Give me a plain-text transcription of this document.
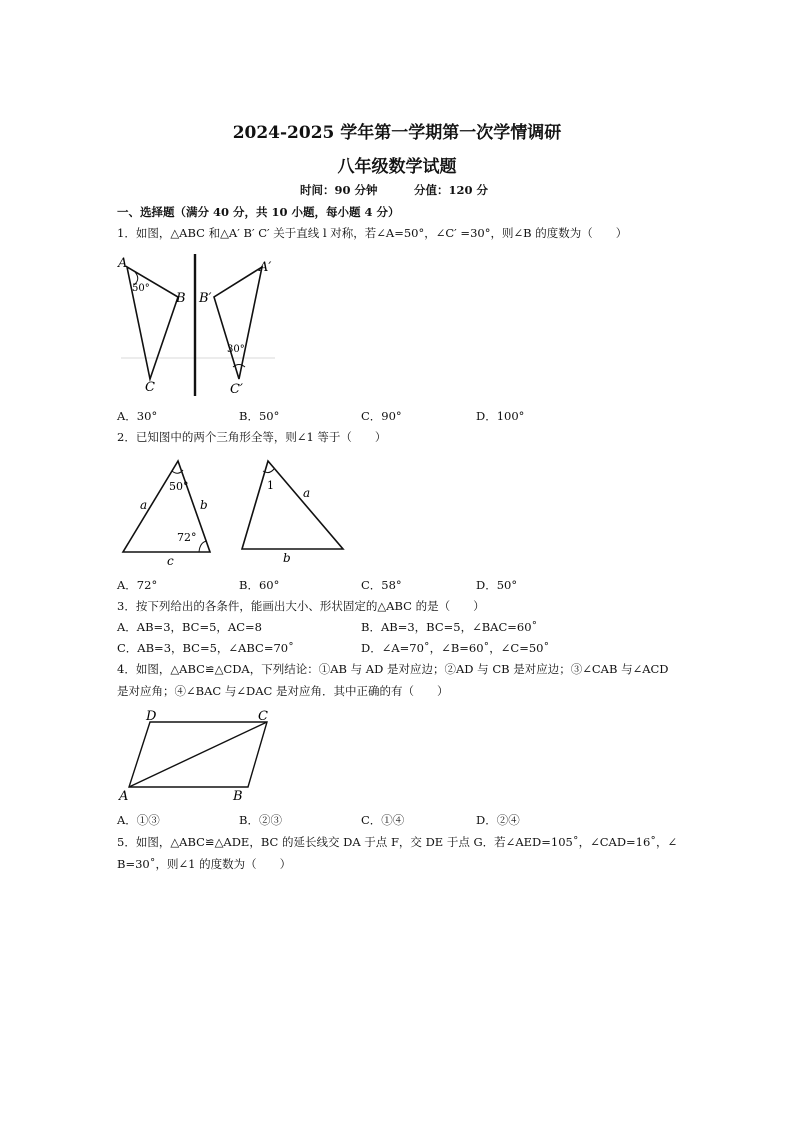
2024-2025 学年第一学期第一次学情调研
八年级数学试题
时间：90 分钟	分值：120 分
一、选择题（满分 40 分，共 10 小题，每小题 4 分）
1．如图，△ABC 和△A′ B′ C′ 关于直线 l 对称，若∠A=50°，∠C′ =30°，则∠B 的度数为（　　）
A
B
C
A′
B′
C′
50°
30°
A．30°	B．50°	C．90°	D．100°
2．已知图中的两个三角形全等，则∠1 等于（　　）
50°
72°
a	b
c
1
a
b
A．72°	B．60°	C．58°	D．50°
3．按下列给出的各条件，能画出大小、形状固定的△ABC 的是（　　）
A．AB=3，BC=5，AC=8	B．AB=3，BC=5，∠BAC=60˚
C．AB=3，BC=5，∠ABC=70˚	D．∠A=70˚，∠B=60˚，∠C=50˚
4．如图，△ABC≌△CDA，下列结论：①AB 与 AD 是对应边；②AD 与 CB 是对应边；③∠CAB 与∠ACD
是对应角；④∠BAC 与∠DAC 是对应角．其中正确的有（　　）
D	C
A	B
A．①③	B．②③	C．①④	D．②④
5．如图，△ABC≌△ADE，BC 的延长线交 DA 于点 F，交 DE 于点 G．若∠AED=105˚，∠CAD=16˚，∠
B=30˚，则∠1 的度数为（　　）
